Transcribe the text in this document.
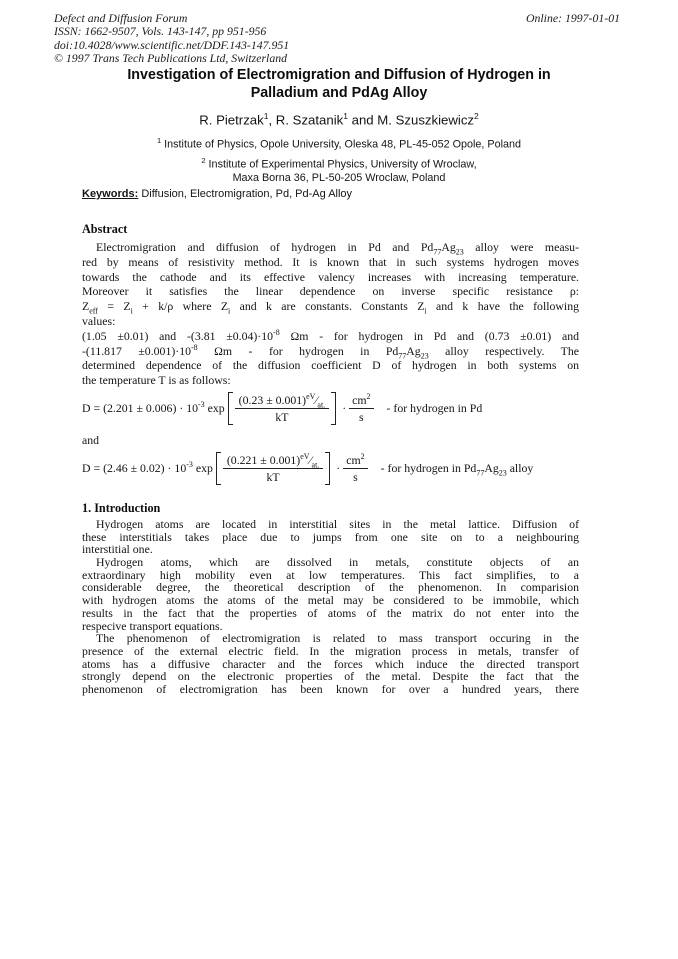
Defect and Diffusion Forum
ISSN: 1662-9507, Vols. 143-147, pp 951-956
doi:10.4028/www.scientific.net/DDF.143-147.951
© 1997 Trans Tech Publications Ltd, Switzerland
Online: 1997-01-01
Investigation of Electromigration and Diffusion of Hydrogen in
Palladium and PdAg Alloy
R. Pietrzak$^1$, R. Szatanik$^1$ and M. Szuszkiewicz$^2$
$^1$ Institute of Physics, Opole University, Oleska 48, PL-45-052 Opole, Poland
$^2$ Institute of Experimental Physics, University of Wroclaw,
Maxa Borna 36, PL-50-205 Wroclaw, Poland
Keywords: Diffusion, Electromigration, Pd, Pd-Ag Alloy
Abstract
Electromigration and diffusion of hydrogen in Pd and $Pd_{77}Ag_{23}$ alloy were measu-
red by means of resistivity method. It is known that in such systems hydrogen moves
towards the cathode and its effective valency increases with increasing temperature.
Moreover it satisfies the linear dependence on inverse specific resistance ρ:
$Z_{eff} = Z_i + k/\rho$ where $Z_i$ and k are constants. Constants $Z_i$ and k have the following
values:
(1.05 ±0.01) and $-(3.81 \pm 0.04)\cdot 10^{-8}$ Ωm - for hydrogen in Pd and (0.73 ±0.01) and
$-(11.817 \pm 0.001)\cdot 10^{-8}$ Ωm - for hydrogen in $Pd_{77}Ag_{23}$ alloy respectively. The
determined dependence of the diffusion coefficient D of hydrogen in both systems on
the temperature T is as follows:
$D = (2.201 \pm 0.006) \cdot 10^{-3}$ $\exp \frac{(0.23 \pm 0.001)^{eV}⁄_{at.}}{kT} \cdot \frac{cm^2}{s}$ - for hydrogen in Pd
and
$D = (2.46 \pm 0.02) \cdot 10^{-3}$ $\exp \frac{(0.221 \pm 0.001)^{eV}⁄_{at.}}{kT} \cdot \frac{cm^2}{s}$ - for hydrogen in $Pd_{77}Ag_{23}$ alloy
1. Introduction
Hydrogen atoms are located in interstitial sites in the metal lattice. Diffusion of
these interstitials takes place due to jumps from one site on to a neighbouring
interstitial one.
Hydrogen atoms, which are dissolved in metals, constitute objects of an
extraordinary high mobility even at low temperatures. This fact simplifies, to a
considerable degree, the theoretical description of the phenomenon. In comparision
with hydrogen atoms the atoms of the metal may be considered to be immobile, which
results in the fact that the properties of atoms of the matrix do not enter into the
respecive transport equations.
The phenomenon of electromigration is related to mass transport occuring in the
presence of the external electric field. In the migration process in metals, transfer of
atoms has a diffusive character and the forces which induce the directed transport
strongly depend on the electronic properties of the metal. Despite the fact that the
phenomenon of electromigration has been known for over a hundred years, there
